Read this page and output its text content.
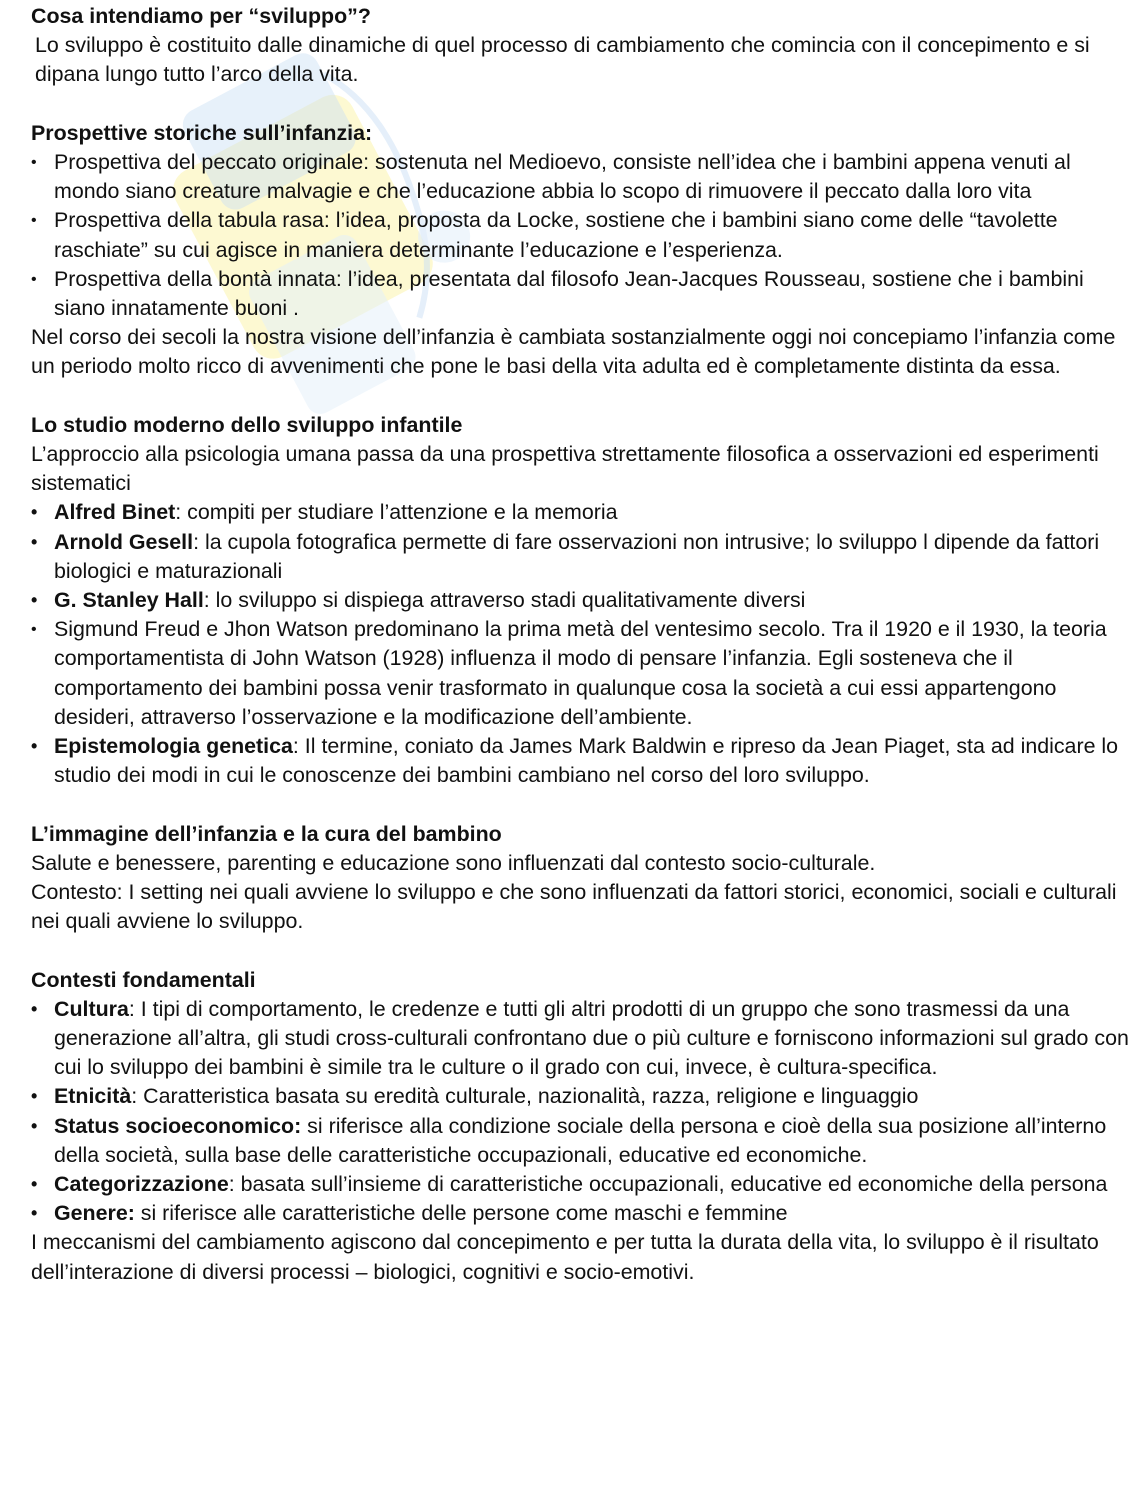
Cosa intendiamo per “sviluppo”?

Lo sviluppo è costituito dalle dinamiche di quel processo di cambiamento che comincia con il concepimento e si dipana lungo tutto l’arco della vita.

Prospettive storiche sull’infanzia:
• Prospettiva del peccato originale: sostenuta nel Medioevo, consiste nell’idea che i bambini appena venuti al mondo siano creature malvagie e che l’educazione abbia lo scopo di rimuovere il peccato dalla loro vita
• Prospettiva della tabula rasa: l’idea, proposta da Locke, sostiene che i bambini siano come delle “tavolette raschiate” su cui agisce in maniera determinante l’educazione e l’esperienza.
• Prospettiva della bontà innata: l’idea, presentata dal filosofo Jean-Jacques Rousseau, sostiene che i bambini siano innatamente buoni .

Nel corso dei secoli la nostra visione dell’infanzia è cambiata sostanzialmente oggi noi concepiamo l’infanzia come un periodo molto ricco di avvenimenti che pone le basi della vita adulta ed è completamente distinta da essa.

Lo studio moderno dello sviluppo infantile

L’approccio alla psicologia umana passa da una prospettiva strettamente filosofica a osservazioni ed esperimenti sistematici

• Alfred Binet: compiti per studiare l’attenzione e la memoria
• Arnold Gesell: la cupola fotografica permette di fare osservazioni non intrusive; lo sviluppo l dipende da fattori biologici e maturazionali
• G. Stanley Hall: lo sviluppo si dispiega attraverso stadi qualitativamente diversi
• Sigmund Freud e Jhon Watson predominano la prima metà del ventesimo secolo. Tra il 1920 e il 1930, la teoria comportamentista di John Watson (1928) influenza il modo di pensare l’infanzia. Egli sosteneva che il comportamento dei bambini possa venir trasformato in qualunque cosa la società a cui essi appartengono desideri, attraverso l’osservazione e la modificazione dell’ambiente.
• Epistemologia genetica: Il termine, coniato da James Mark Baldwin e ripreso da Jean Piaget, sta ad indicare lo studio dei modi in cui le conoscenze dei bambini cambiano nel corso del loro sviluppo.
L’immagine dell’infanzia e la cura del bambino

Salute e benessere, parenting e educazione sono influenzati dal contesto socio-culturale.

Contesto: I setting nei quali avviene lo sviluppo e che sono influenzati da fattori storici, economici, sociali e culturali nei quali avviene lo sviluppo.

Contesti fondamentali
• Cultura: I tipi di comportamento, le credenze e tutti gli altri prodotti di un gruppo che sono trasmessi da una generazione all’altra, gli studi cross-culturali confrontano due o più culture e forniscono informazioni sul grado con cui lo sviluppo dei bambini è simile tra le culture o il grado con cui, invece, è cultura-specifica.
• Etnicità: Caratteristica basata su eredità culturale, nazionalità, razza, religione e linguaggio
• Status socioeconomico: si riferisce alla condizione sociale della persona e cioè della sua posizione all’interno della società, sulla base delle caratteristiche occupazionali, educative ed economiche.
• Categorizzazione: basata sull’insieme di caratteristiche occupazionali, educative ed economiche della persona
• Genere: si riferisce alle caratteristiche delle persone come maschi e femmine

I meccanismi del cambiamento agiscono dal concepimento e per tutta la durata della vita, lo sviluppo è il risultato dell’interazione di diversi processi – biologici, cognitivi e socio-emotivi.
